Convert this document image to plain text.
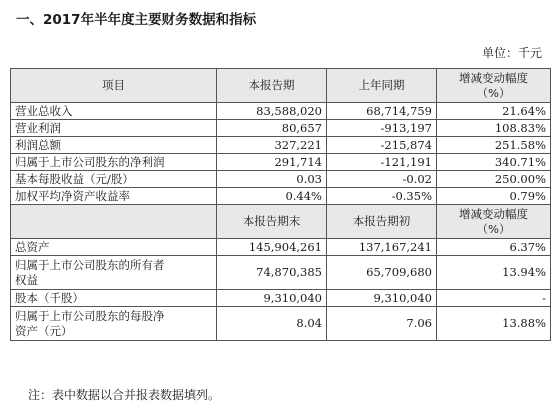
一、2017年半年度主要财务数据和指标
单位：千元
项目	本报告期	上年同期	增减变动幅度
（%）

营业总收入	83,588,020	68,714,759	21.64%
营业利润	80,657	-913,197	108.83%
利润总额	327,221	-215,874	251.58%
归属于上市公司股东的净利润	291,714	-121,191	340.71%
基本每股收益（元/股）	0.03	-0.02	250.00%
加权平均净资产收益率	0.44%	-0.35%	0.79%
	本报告期末	本报告期初	增减变动幅度
（%）

总资产	145,904,261	137,167,241	6.37%

归属于上市公司股东的所有者
权益	74,870,385	65,709,680	13.94%
股本（千股）	9,310,040	9,310,040	-

归属于上市公司股东的每股净
资产（元）	8.04	7.06	13.88%
注：表中数据以合并报表数据填列。
